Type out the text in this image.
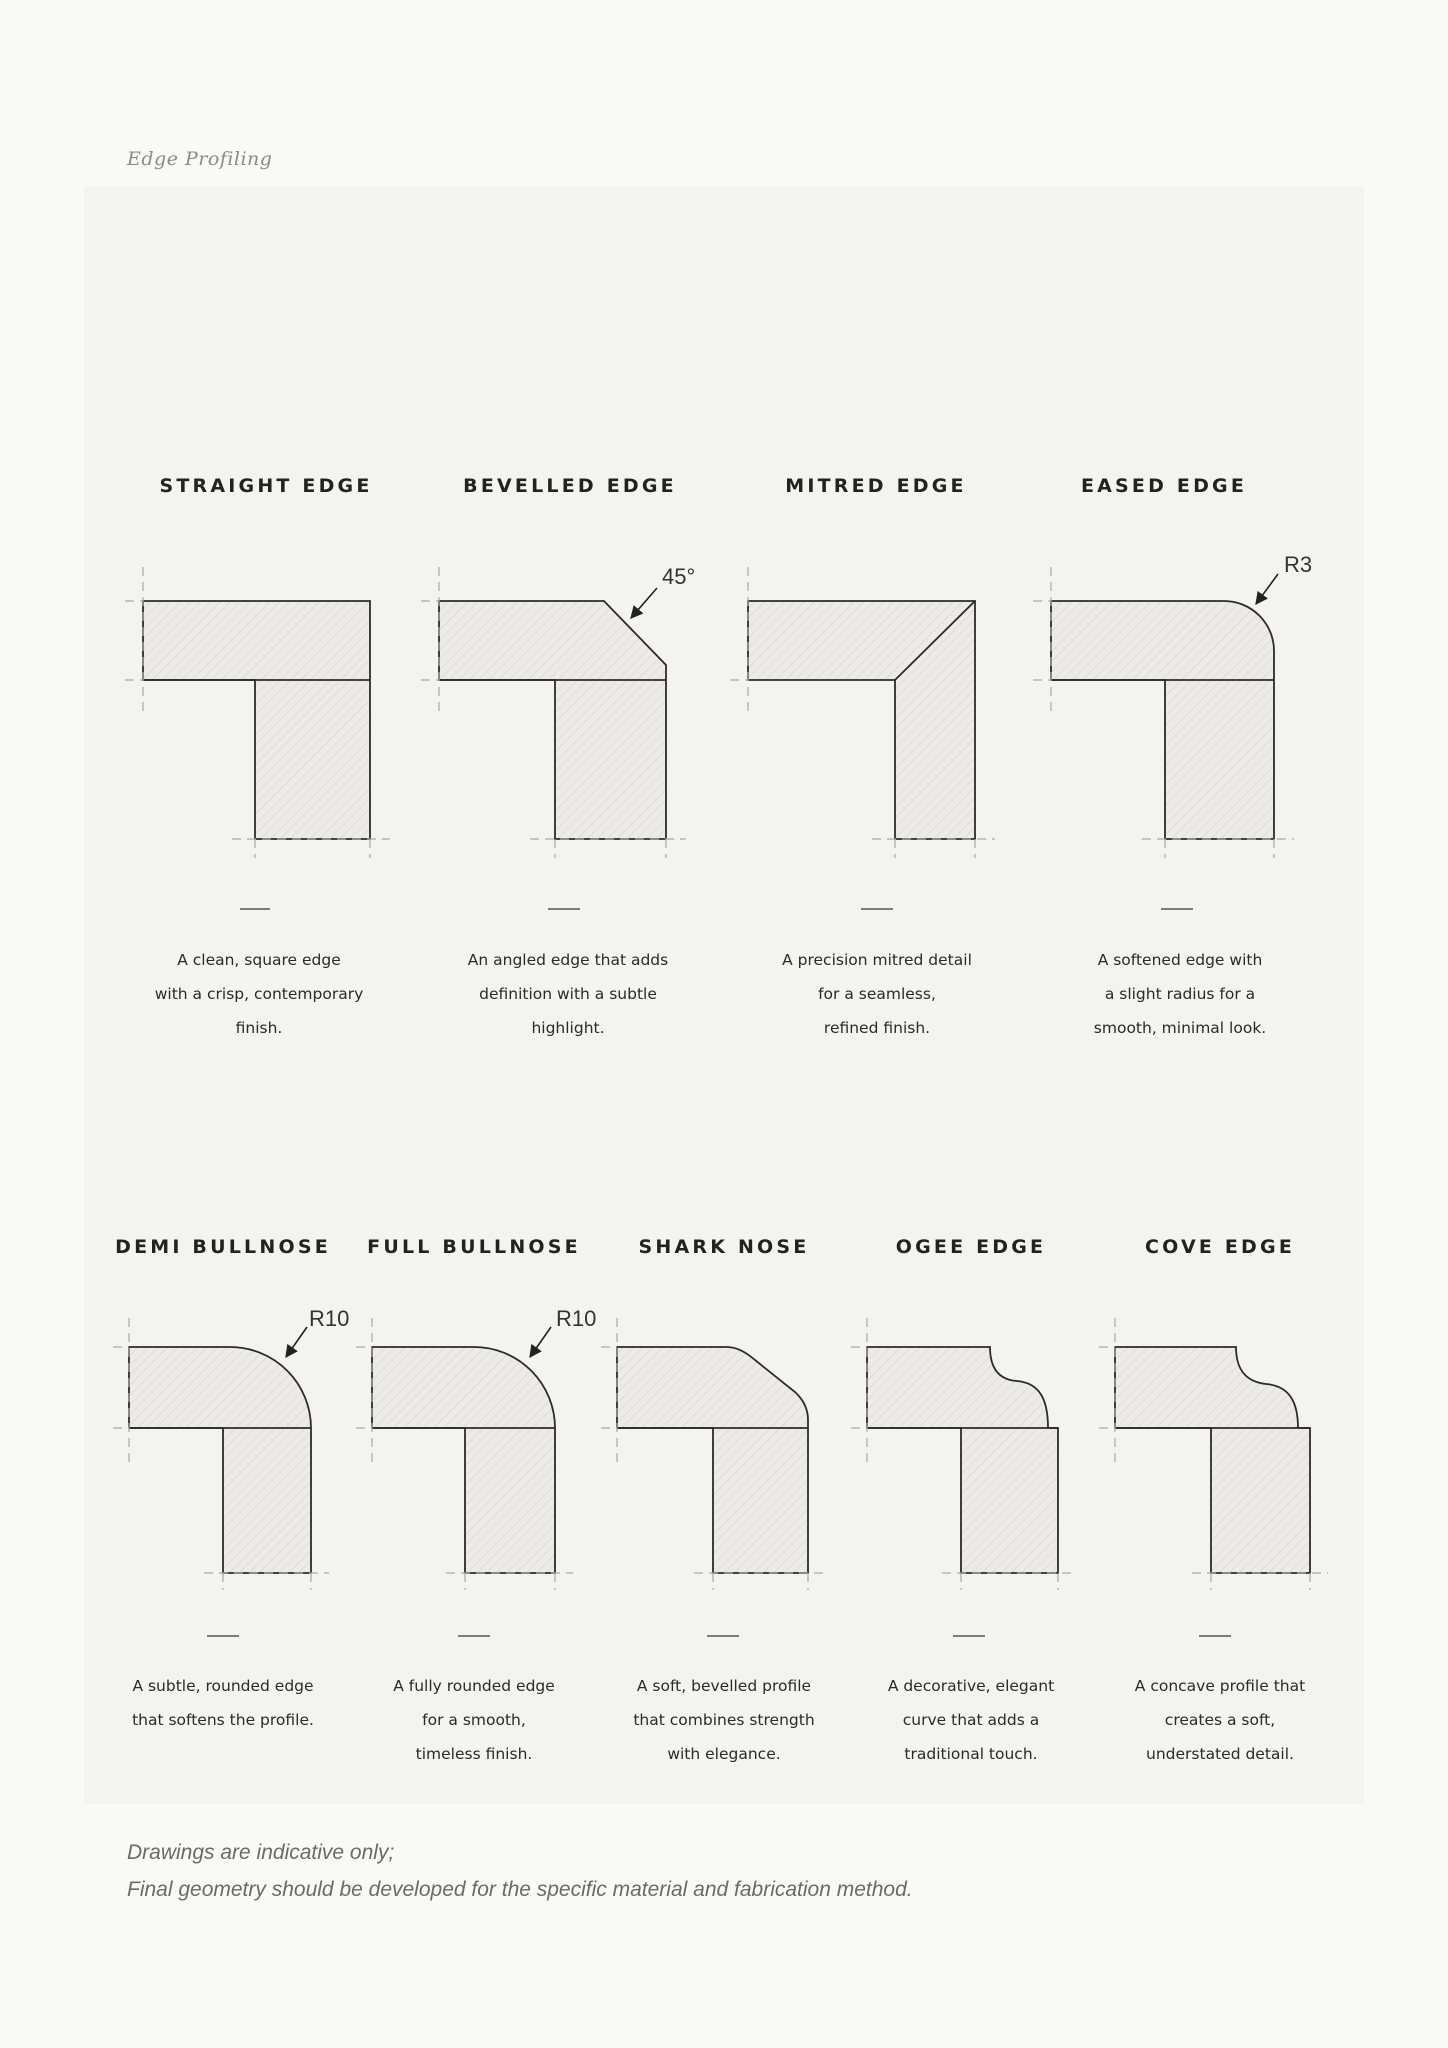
Edge Profiling
45°	R3
R10	R10
STRAIGHT EDGE	BEVELLED EDGE	MITRED EDGE	EASED EDGE
A clean, square edge
with a crisp, contemporary
finish.
An angled edge that adds
definition with a subtle
highlight.
A precision mitred detail
for a seamless,
refined finish.
A softened edge with
a slight radius for a
smooth, minimal look.
DEMI BULLNOSE	FULL BULLNOSE	SHARK NOSE	OGEE EDGE	COVE EDGE
A subtle, rounded edge
that softens the profile.
A fully rounded edge
for a smooth,
timeless finish.
A soft, bevelled profile
that combines strength
with elegance.
A decorative, elegant
curve that adds a
traditional touch.
A concave profile that
creates a soft,
understated detail.
Drawings are indicative only;
Final geometry should be developed for the specific material and fabrication method.
